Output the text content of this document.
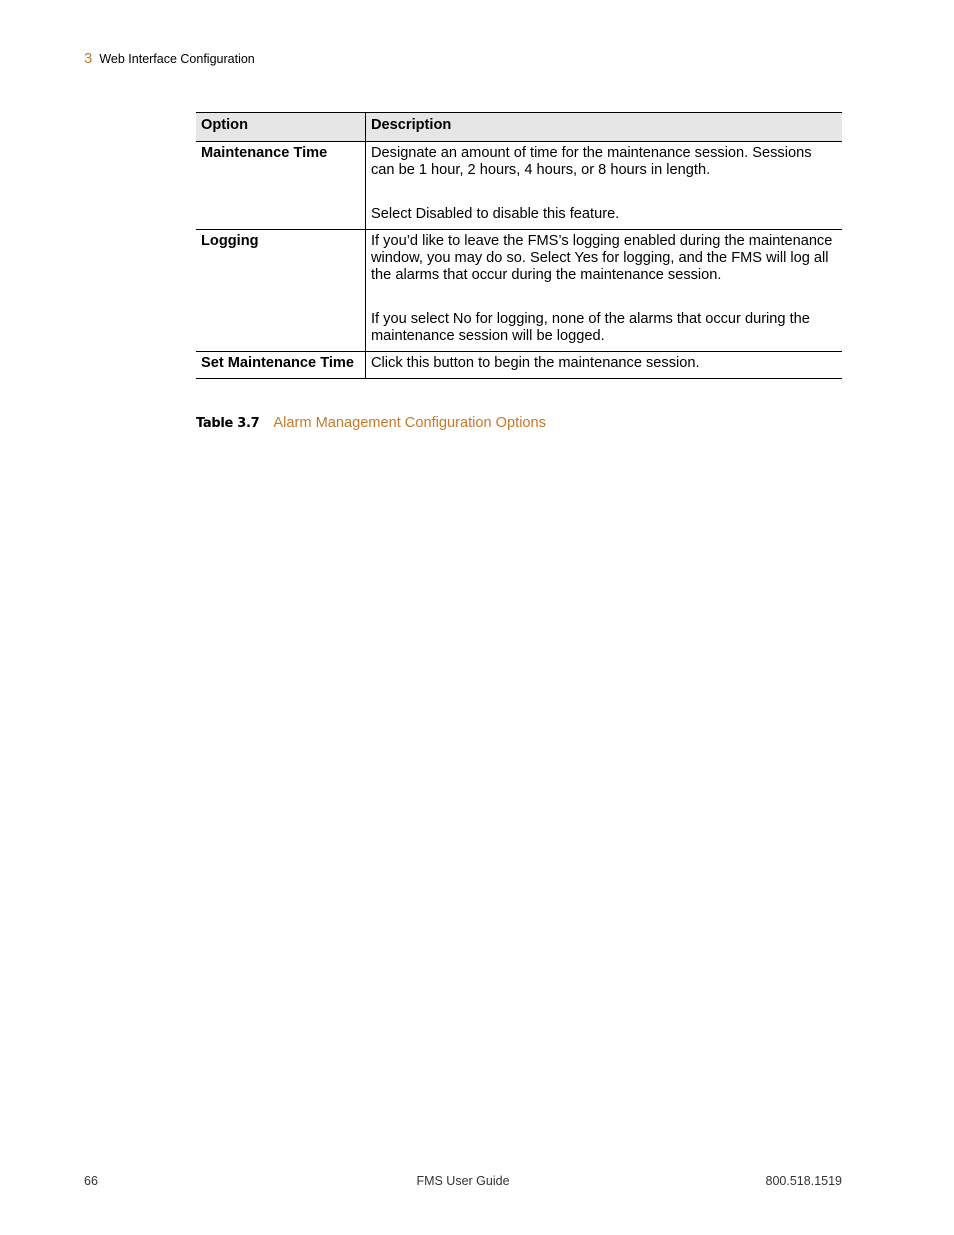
3 Web Interface Configuration
Option	Description
Maintenance Time	Designate an amount of time for the maintenance session. Sessions can be 1 hour, 2 hours, 4 hours, or 8 hours in length.
Select Disabled to disable this feature.

Logging	If you’d like to leave the FMS’s logging enabled during the maintenance window, you may do so. Select Yes for logging, and the FMS will log all the alarms that occur during the maintenance session.
If you select No for logging, none of the alarms that occur during the maintenance session will be logged.

Set Maintenance Time	Click this button to begin the maintenance session.
Table 3.7 Alarm Management Configuration Options
66	FMS User Guide	800.518.1519
